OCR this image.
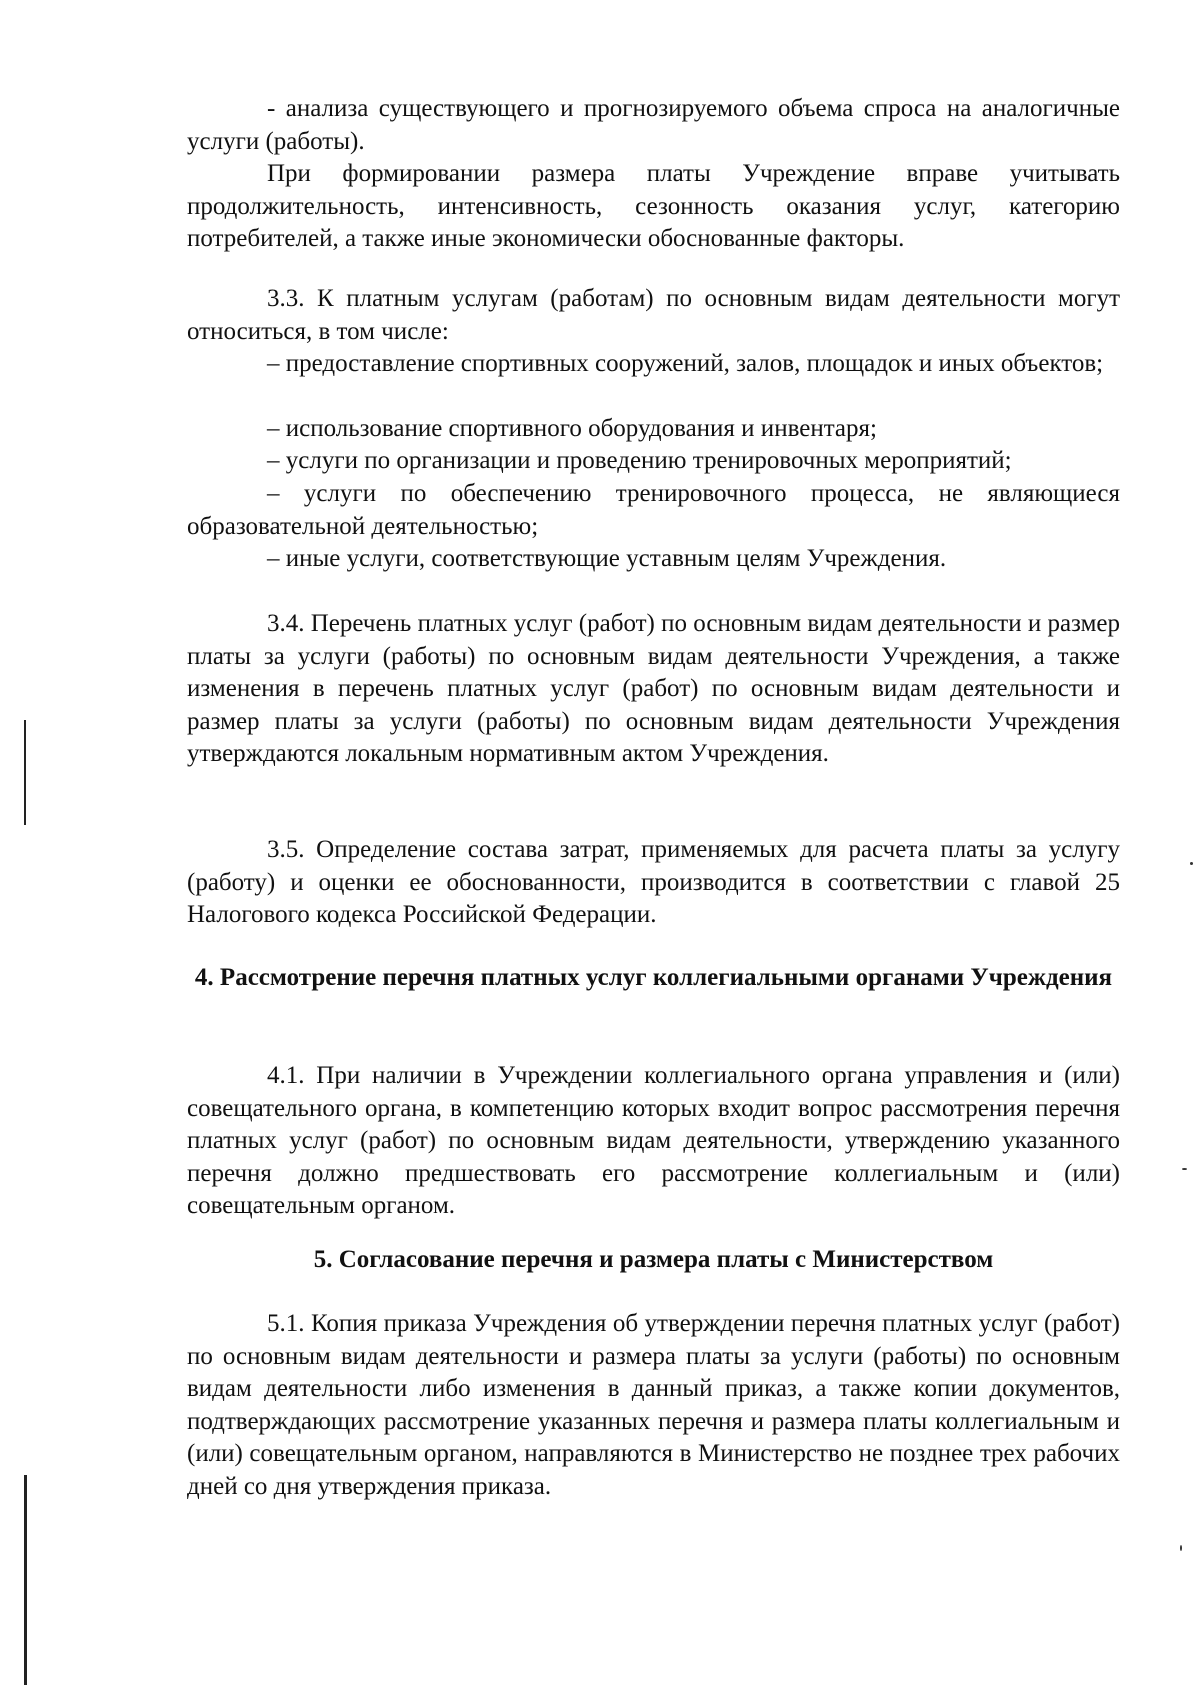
- анализа существующего и прогнозируемого объема спроса на аналогичные услуги (работы).

При формировании размера платы Учреждение вправе учитывать продолжительность, интенсивность, сезонность оказания услуг, категорию потребителей, а также иные экономически обоснованные факторы.

3.3. К платным услугам (работам) по основным видам деятельности могут относиться, в том числе:

– предоставление спортивных сооружений, залов, площадок и иных объектов;

– использование спортивного оборудования и инвентаря;

– услуги по организации и проведению тренировочных мероприятий;

– услуги по обеспечению тренировочного процесса, не являющиеся образовательной деятельностью;

– иные услуги, соответствующие уставным целям Учреждения.

3.4. Перечень платных услуг (работ) по основным видам деятельности и размер платы за услуги (работы) по основным видам деятельности Учреждения, а также изменения в перечень платных услуг (работ) по основным видам деятельности и размер платы за услуги (работы) по основным видам деятельности Учреждения утверждаются локальным нормативным актом Учреждения.

3.5. Определение состава затрат, применяемых для расчета платы за услугу (работу) и оценки ее обоснованности, производится в соответствии с главой 25 Налогового кодекса Российской Федерации.

4. Рассмотрение перечня платных услуг коллегиальными органами Учреждения

4.1. При наличии в Учреждении коллегиального органа управления и (или) совещательного органа, в компетенцию которых входит вопрос рассмотрения перечня платных услуг (работ) по основным видам деятельности, утверждению указанного перечня должно предшествовать его рассмотрение коллегиальным и (или) совещательным органом.

5. Согласование перечня и размера платы с Министерством

5.1. Копия приказа Учреждения об утверждении перечня платных услуг (работ) по основным видам деятельности и размера платы за услуги (работы) по основным видам деятельности либо изменения в данный приказ, а также копии документов, подтверждающих рассмотрение указанных перечня и размера платы коллегиальным и (или) совещательным органом, направляются в Министерство не позднее трех рабочих дней со дня утверждения приказа.
